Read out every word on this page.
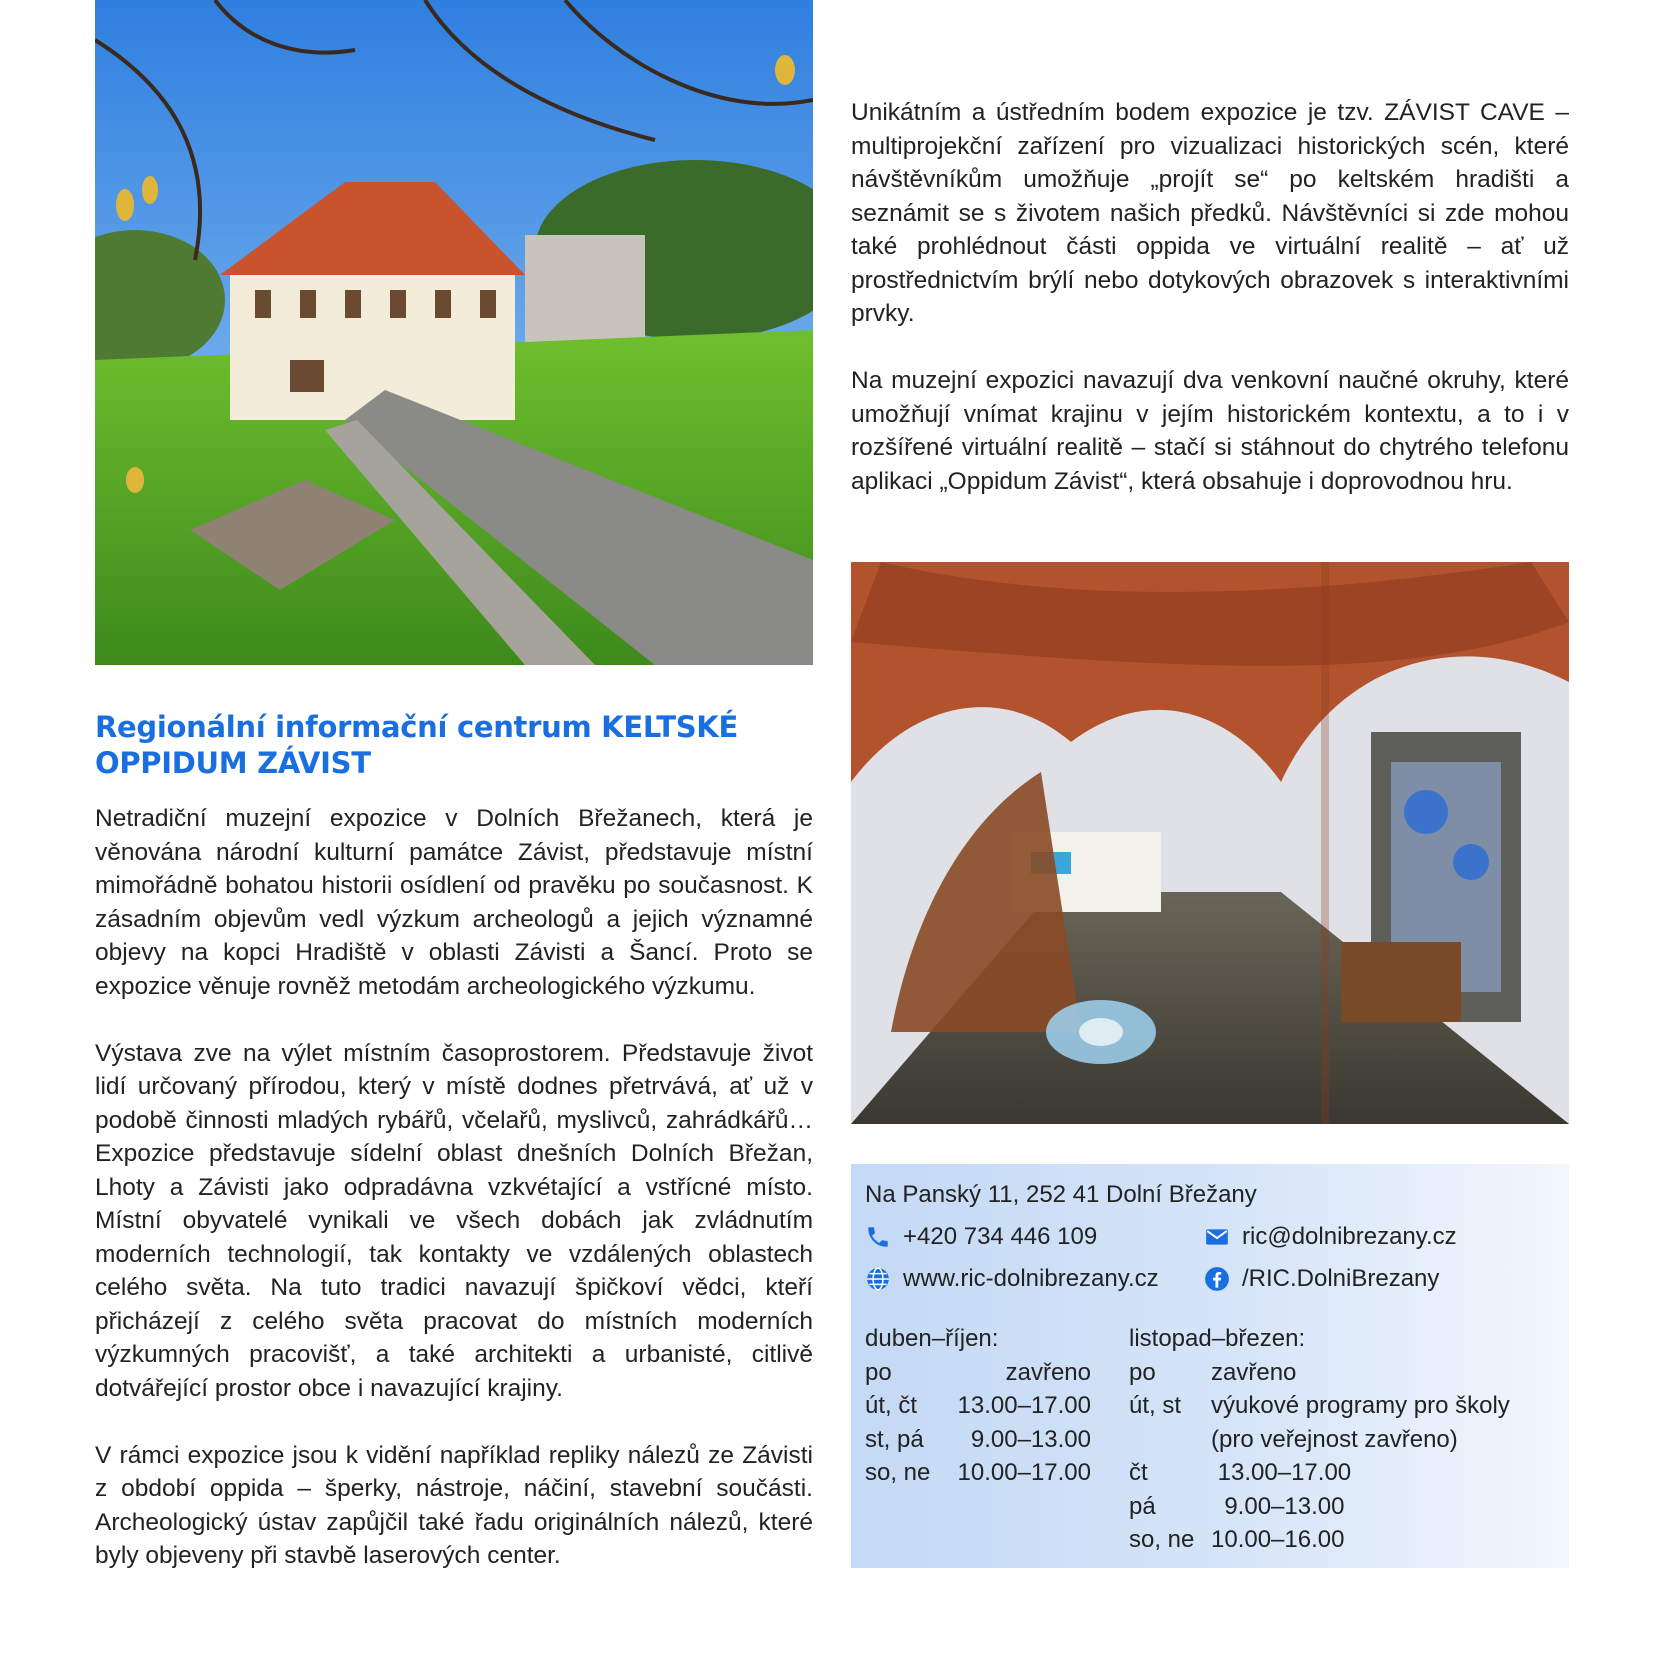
Regionální informační centrum KELTSKÉ
OPPIDUM ZÁVIST

Netradiční muzejní expozice v Dolních Břežanech, která je věnována národní kulturní památce Závist, představuje místní mimořádně bohatou historii osídlení od pravěku po současnost. K zásadním objevům vedl výzkum archeologů a jejich významné objevy na kopci Hradiště v oblasti Závisti a Šancí. Proto se expozice věnuje rovněž metodám archeologického výzkumu.

Výstava zve na výlet místním časoprostorem. Představuje život lidí určovaný přírodou, který v místě dodnes přetrvává, ať už v podobě činnosti mladých rybářů, včelařů, myslivců, zahrádkářů… Expozice představuje sídelní oblast dnešních Dolních Břežan, Lhoty a Závisti jako odpradávna vzkvétající a vstřícné místo. Místní obyvatelé vynikali ve všech dobách jak zvládnutím moderních technologií, tak kontakty ve vzdálených oblastech celého světa. Na tuto tradici navazují špičkoví vědci, kteří přicházejí z celého světa pracovat do místních moderních výzkumných pracovišť, a také architekti a urbanisté, citlivě dotvářející prostor obce i navazující krajiny.

V rámci expozice jsou k vidění například repliky nálezů ze Závisti z období oppida – šperky, nástroje, náčiní, stavební součásti. Archeologický ústav zapůjčil také řadu originálních nálezů, které byly objeveny při stavbě laserových center.

Unikátním a ústředním bodem expozice je tzv. ZÁVIST CAVE – multiprojekční zařízení pro vizualizaci historických scén, které návštěvníkům umožňuje „projít se“ po keltském hradišti a seznámit se s životem našich předků. Návštěvníci si zde mohou také prohlédnout části oppida ve virtuální realitě – ať už prostřednictvím brýlí nebo dotykových obrazovek s interaktivními prvky.

Na muzejní expozici navazují dva venkovní naučné okruhy, které umožňují vnímat krajinu v jejím historickém kontextu, a to i v rozšířené virtuální realitě – stačí si stáhnout do chytrého telefonu aplikaci „Oppidum Závist“, která obsahuje i doprovodnou hru.

Na Panský 11, 252 41 Dolní Břežany
+420 734 446 109	ric@dolnibrezany.cz
www.ric-dolnibrezany.cz	/RIC.DolniBrezany
duben–říjen:
po	zavřeno
út, čt	13.00–17.00
st, pá	9.00–13.00
so, ne	10.00–17.00
listopad–březen:
po	zavřeno
út, st	výukové programy pro školy
(pro veřejnost zavřeno)
čt	13.00–17.00
pá	9.00–13.00
so, ne 10.00–16.00
